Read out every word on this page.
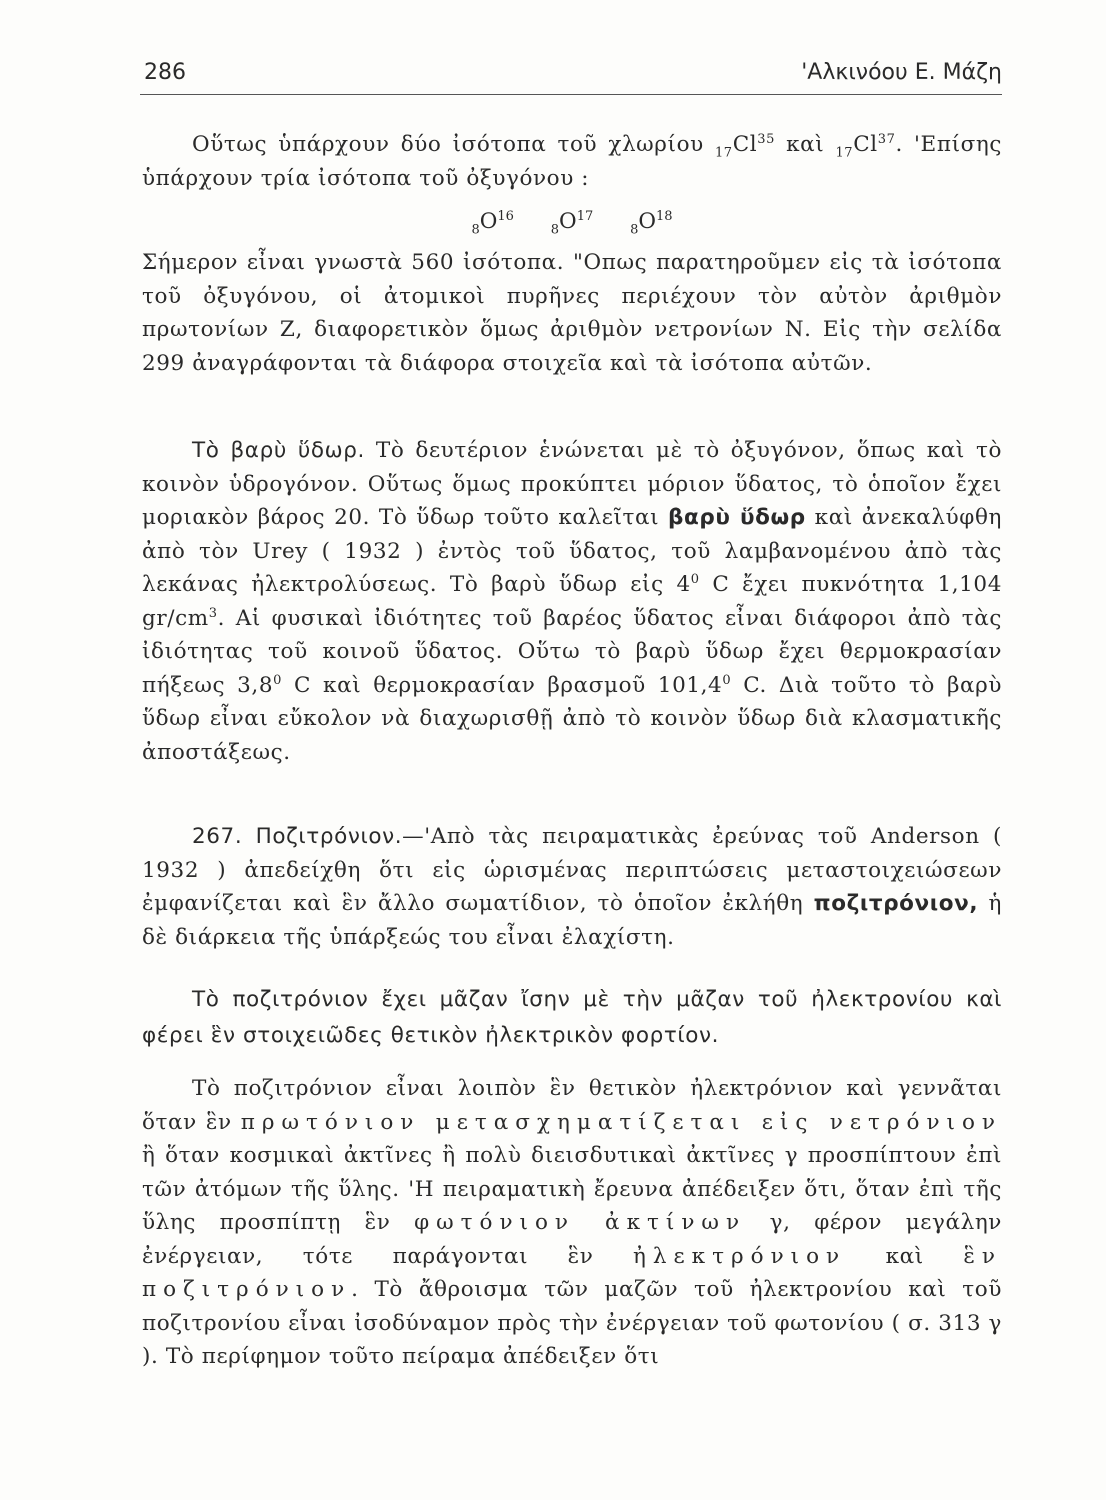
286	'Αλκινόου Ε. Μάζη
Οὕτως ὑπάρχουν δύο ἰσότοπα τοῦ χλωρίου $_{17}Cl^{35}$ καὶ $_{17}Cl^{37}$. 'Επίσης ὑπάρχουν τρία ἰσότοπα τοῦ ὀξυγόνου :
$_8O^{16}$ $_8O^{17}$ $_8O^{18}$
Σήμερον εἶναι γνωστὰ 560 ἰσότοπα. "Οπως παρατηροῦμεν εἰς τὰ ἰσότοπα τοῦ ὀξυγόνου, οἱ ἀτομικοὶ πυρῆνες περιέχουν τὸν αὐτὸν ἀριθμὸν πρωτονίων Ζ, διαφορετικὸν ὅμως ἀριθμὸν νετρονίων Ν. Εἰς τὴν σελίδα 299 ἀναγράφονται τὰ διάφορα στοιχεῖα καὶ τὰ ἰσότοπα αὐτῶν.
Τὸ βαρὺ ὕδωρ. Τὸ δευτέριον ἑνώνεται μὲ τὸ ὀξυγόνον, ὅπως καὶ τὸ κοινὸν ὑδρογόνον. Οὕτως ὅμως προκύπτει μόριον ὕδατος, τὸ ὁποῖον ἔχει μοριακὸν βάρος 20. Τὸ ὕδωρ τοῦτο καλεῖται βαρὺ ὕδωρ καὶ ἀνεκαλύφθη ἀπὸ τὸν Urey ( 1932 ) ἐντὸς τοῦ ὕδατος, τοῦ λαμβανομένου ἀπὸ τὰς λεκάνας ἠλεκτρολύσεως. Τὸ βαρὺ ὕδωρ εἰς $4^0$ C ἔχει πυκνότητα 1,104 $gr/cm^3$. Αἱ φυσικαὶ ἰδιότητες τοῦ βαρέος ὕδατος εἶναι διάφοροι ἀπὸ τὰς ἰδιότητας τοῦ κοινοῦ ὕδατος. Οὕτω τὸ βαρὺ ὕδωρ ἔχει θερμοκρασίαν πήξεως $3,8^0$ C καὶ θερμοκρασίαν βρασμοῦ 101,4$^0$ C. Διὰ τοῦτο τὸ βαρὺ ὕδωρ εἶναι εὔκολον νὰ διαχωρισθῇ ἀπὸ τὸ κοινὸν ὕδωρ διὰ κλασματικῆς ἀποστάξεως.
267. Ποζιτρόνιον.—'Απὸ τὰς πειραματικὰς ἐρεύνας τοῦ Anderson ( 1932 ) ἀπεδείχθη ὅτι εἰς ὡρισμένας περιπτώσεις μεταστοιχειώσεων ἐμφανίζεται καὶ ἓν ἄλλο σωματίδιον, τὸ ὁποῖον ἐκλήθη ποζιτρόνιον, ἡ δὲ διάρκεια τῆς ὑπάρξεώς του εἶναι ἐλαχίστη.
Τὸ ποζιτρόνιον ἔχει μᾶζαν ἴσην μὲ τὴν μᾶζαν τοῦ ἠλεκτρονίου καὶ φέρει ἓν στοιχειῶδες θετικὸν ἠλεκτρικὸν φορτίον.
Τὸ ποζιτρόνιον εἶναι λοιπὸν ἓν θετικὸν ἠλεκτρόνιον καὶ γεννᾶται ὅταν ἓν πρωτόνιον μετασχηματίζεται εἰς νετρόνιον ἢ ὅταν κοσμικαὶ ἀκτῖνες ἢ πολὺ διεισδυτικαὶ ἀκτῖνες γ προσπίπτουν ἐπὶ τῶν ἀτόμων τῆς ὕλης. 'Η πειραματικὴ ἔρευνα ἀπέδειξεν ὅτι, ὅταν ἐπὶ τῆς ὕλης προσπίπτῃ ἓν φωτόνιον ἀκτίνων γ, φέρον μεγάλην ἐνέργειαν, τότε παράγονται ἓν ἠλεκτρόνιον καὶ ἓν ποζιτρόνιον. Τὸ ἄθροισμα τῶν μαζῶν τοῦ ἠλεκτρονίου καὶ τοῦ ποζιτρονίου εἶναι ἰσοδύναμον πρὸς τὴν ἐνέργειαν τοῦ φωτονίου ( σ. 313 γ ). Τὸ περίφημον τοῦτο πείραμα ἀπέδειξεν ὅτι
